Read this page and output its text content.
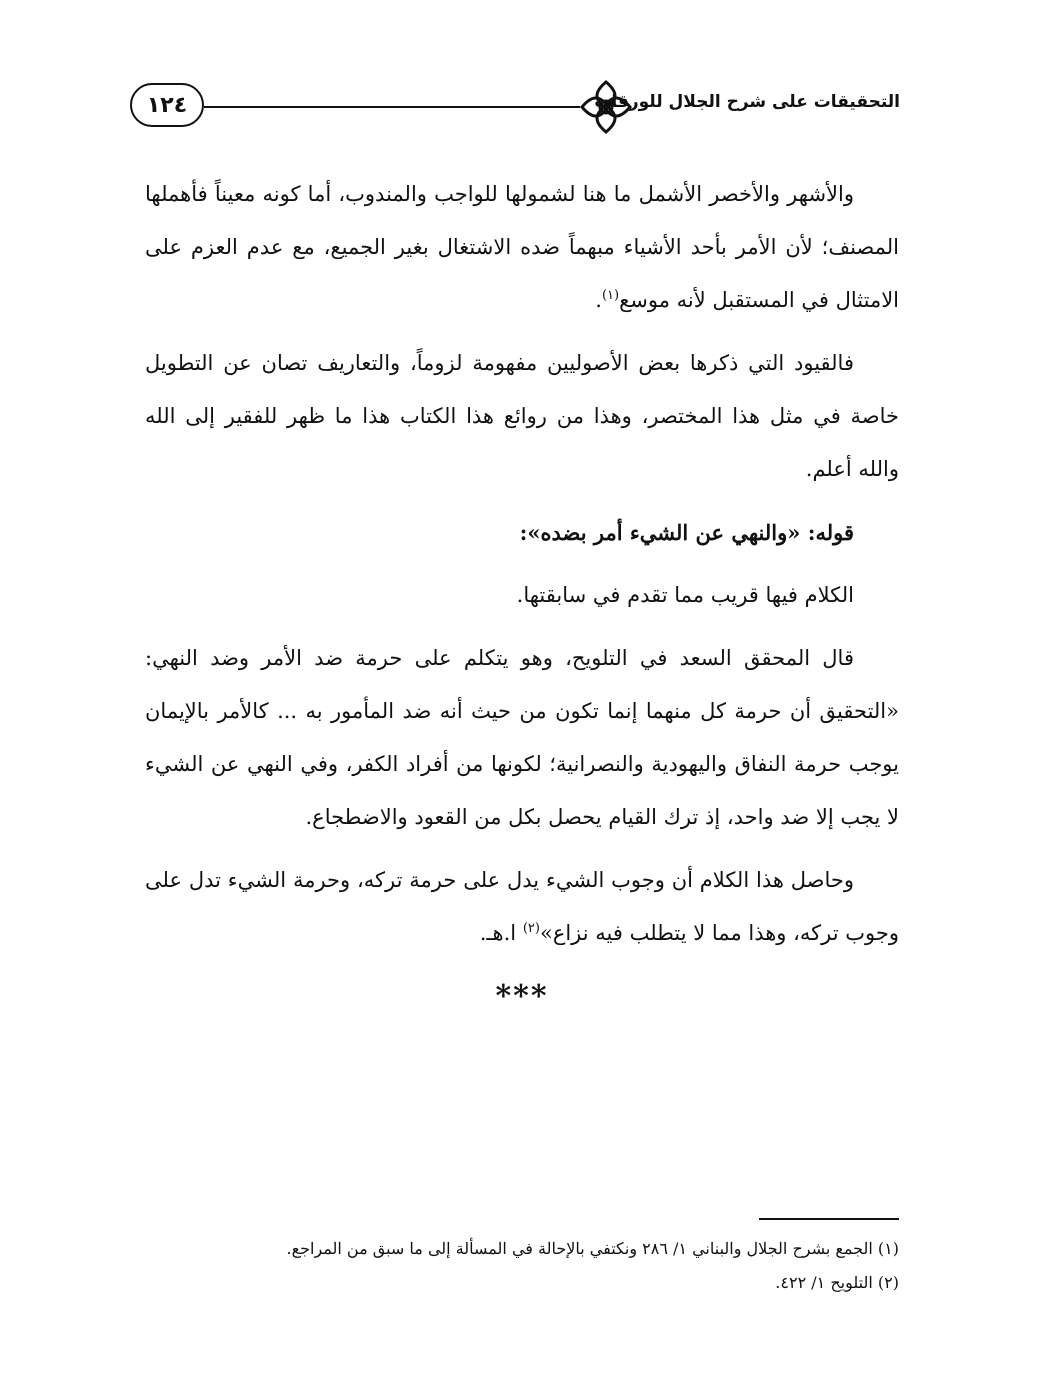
١٢٤	التحقيقات على شرح الجلال للورقات

والأشهر والأخصر الأشمل ما هنا لشمولها للواجب والمندوب، أما كونه معيناً فأهملها المصنف؛ لأن الأمر بأحد الأشياء مبهماً ضده الاشتغال بغير الجميع، مع عدم العزم على الامتثال في المستقبل لأنه موسع$^{(١)}$.

فالقيود التي ذكرها بعض الأصوليين مفهومة لزوماً، والتعاريف تصان عن التطويل خاصة في مثل هذا المختصر، وهذا من روائع هذا الكتاب هذا ما ظهر للفقير إلى الله والله أعلم.

قوله: «والنهي عن الشيء أمر بضده»:

الكلام فيها قريب مما تقدم في سابقتها.

قال المحقق السعد في التلويح، وهو يتكلم على حرمة ضد الأمر وضد النهي: «التحقيق أن حرمة كل منهما إنما تكون من حيث أنه ضد المأمور به ... كالأمر بالإيمان يوجب حرمة النفاق واليهودية والنصرانية؛ لكونها من أفراد الكفر، وفي النهي عن الشيء لا يجب إلا ضد واحد، إذ ترك القيام يحصل بكل من القعود والاضطجاع.

وحاصل هذا الكلام أن وجوب الشيء يدل على حرمة تركه، وحرمة الشيء تدل على وجوب تركه، وهذا مما لا يتطلب فيه نزاع»$^{(٢)}$ ا.هـ.

***

(١) الجمع بشرح الجلال والبناني ١/ ٢٨٦ ونكتفي بالإحالة في المسألة إلى ما سبق من المراجع.

(٢) التلويح ١/ ٤٢٢.
